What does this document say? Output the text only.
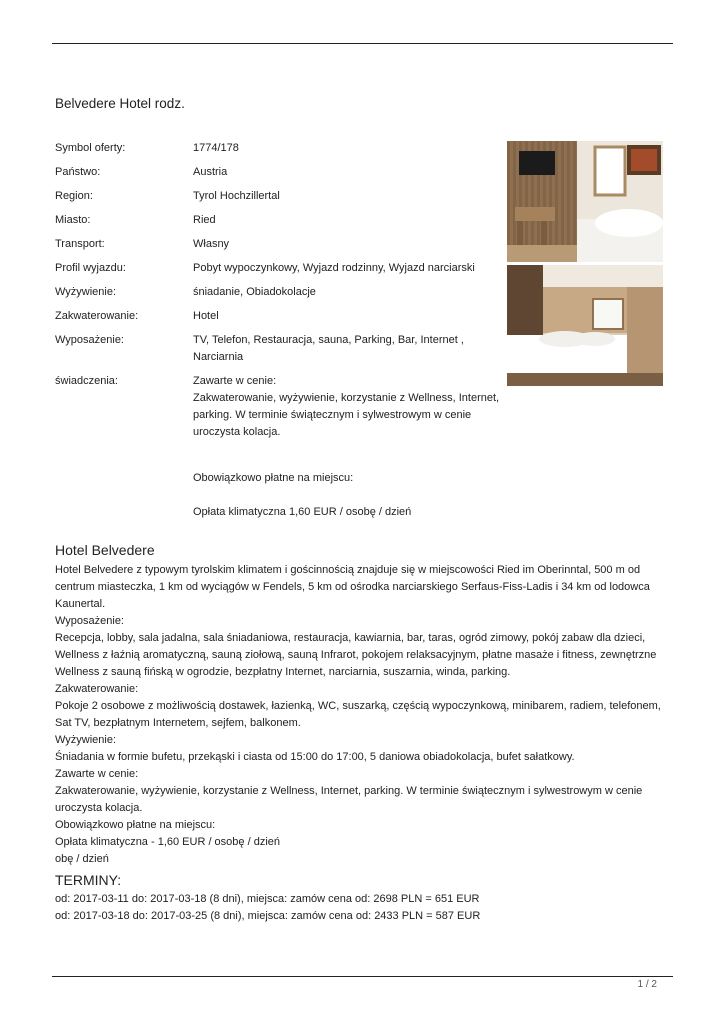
Belvedere Hotel rodz.
Symbol oferty:	1774/178
Państwo:	Austria
Region:	Tyrol Hochzillertal
Miasto:	Ried
Transport:	Własny
Profil wyjazdu:	Pobyt wypoczynkowy, Wyjazd rodzinny, Wyjazd narciarski
Wyżywienie:	śniadanie, Obiadokolacje
Zakwaterowanie:	Hotel
Wyposażenie:	TV, Telefon, Restauracja, sauna, Parking, Bar, Internet , Narciarnia
świadczenia:	Zawarte w cenie:
Zakwaterowanie, wyżywienie, korzystanie z Wellness, Internet, parking. W terminie świątecznym i sylwestrowym w cenie uroczysta kolacja.
Obowiązkowo płatne na miejscu:
Opłata klimatyczna 1,60 EUR / osobę / dzień
Hotel Belvedere

Hotel Belvedere z typowym tyrolskim klimatem i gościnnością znajduje się w miejscowości Ried im Oberinntal, 500 m od centrum miasteczka, 1 km od wyciągów w Fendels, 5 km od ośrodka narciarskiego Serfaus-Fiss-Ladis i 34 km od lodowca Kaunertal.

Wyposażenie:

Recepcja, lobby, sala jadalna, sala śniadaniowa, restauracja, kawiarnia, bar, taras, ogród zimowy, pokój zabaw dla dzieci, Wellness z łaźnią aromatyczną, sauną ziołową, sauną Infrarot, pokojem relaksacyjnym, płatne masaże i fitness, zewnętrzne Wellness z sauną fińską w ogrodzie, bezpłatny Internet, narciarnia, suszarnia, winda, parking.

Zakwaterowanie:

Pokoje 2 osobowe z możliwością dostawek, łazienką, WC, suszarką, częścią wypoczynkową, minibarem, radiem, telefonem, Sat TV, bezpłatnym Internetem, sejfem, balkonem.

Wyżywienie:

Śniadania w formie bufetu, przekąski i ciasta od 15:00 do 17:00, 5 daniowa obiadokolacja, bufet sałatkowy.

Zawarte w cenie:

Zakwaterowanie, wyżywienie, korzystanie z Wellness, Internet, parking. W terminie świątecznym i sylwestrowym w cenie uroczysta kolacja.

Obowiązkowo płatne na miejscu:

Opłata klimatyczna - 1,60 EUR / osobę / dzień

obę / dzień

TERMINY:

od: 2017-03-11 do: 2017-03-18 (8 dni), miejsca: zamów cena od: 2698 PLN = 651 EUR

od: 2017-03-18 do: 2017-03-25 (8 dni), miejsca: zamów cena od: 2433 PLN = 587 EUR

1 / 2
